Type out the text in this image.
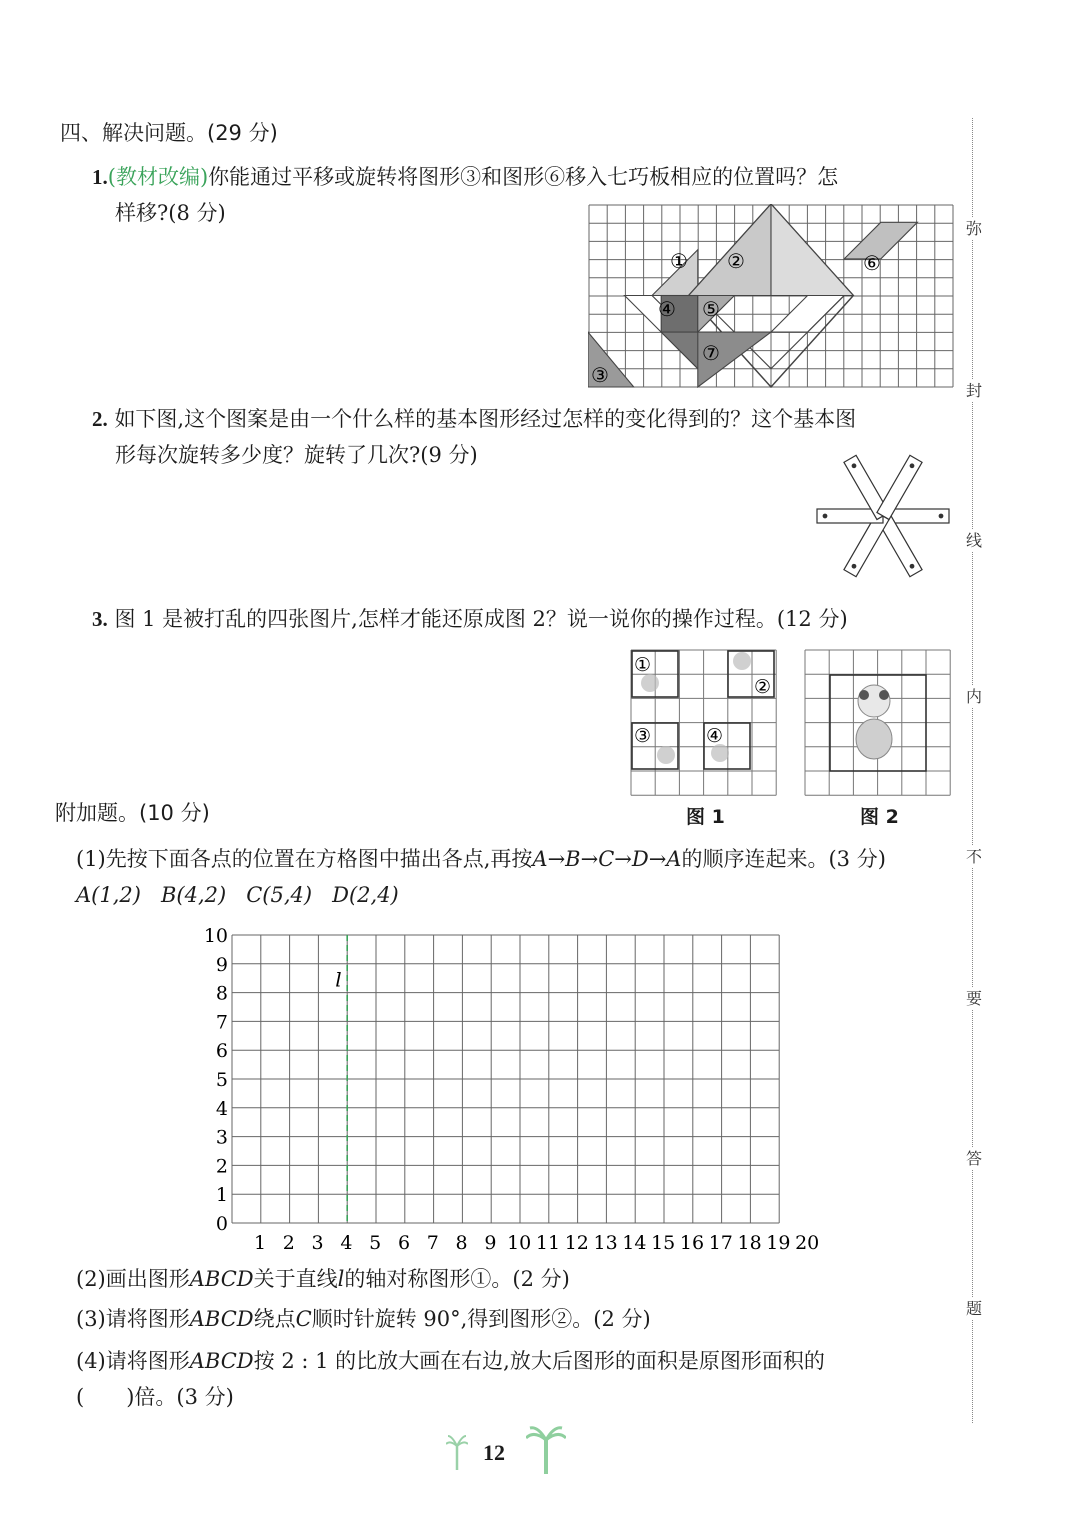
四、解决问题。(29 分)
1.(教材改编)你能通过平移或旋转将图形③和图形⑥移入七巧板相应的位置吗？怎
样移?(8 分)
① ②
③
④ ⑤
⑥
⑦
2. 如下图,这个图案是由一个什么样的基本图形经过怎样的变化得到的？这个基本图
形每次旋转多少度？旋转了几次?(9 分)
3. 图 1 是被打乱的四张图片,怎样才能还原成图 2？说一说你的操作过程。(12 分)
①
②
③	④
图 1	图 2
附加题。(10 分)
(1)先按下面各点的位置在方格图中描出各点,再按A→B→C→D→A的顺序连起来。(3 分)
A(1,2) B(4,2) C(5,4) D(2,4)
0
1
2
3
4
5
6
7
8
9
10
1 2 3 4 5 6 7 8 9 10 11 12 13 14 15 16 17 18 19 20
l
(2)画出图形ABCD关于直线l的轴对称图形①。(2 分)
(3)请将图形ABCD绕点C顺时针旋转 90°,得到图形②。(2 分)
(4)请将图形ABCD按 2 : 1 的比放大画在右边,放大后图形的面积是原图形面积的
(　　)倍。(3 分)
12
弥
封
线
内
不
要
答
题
